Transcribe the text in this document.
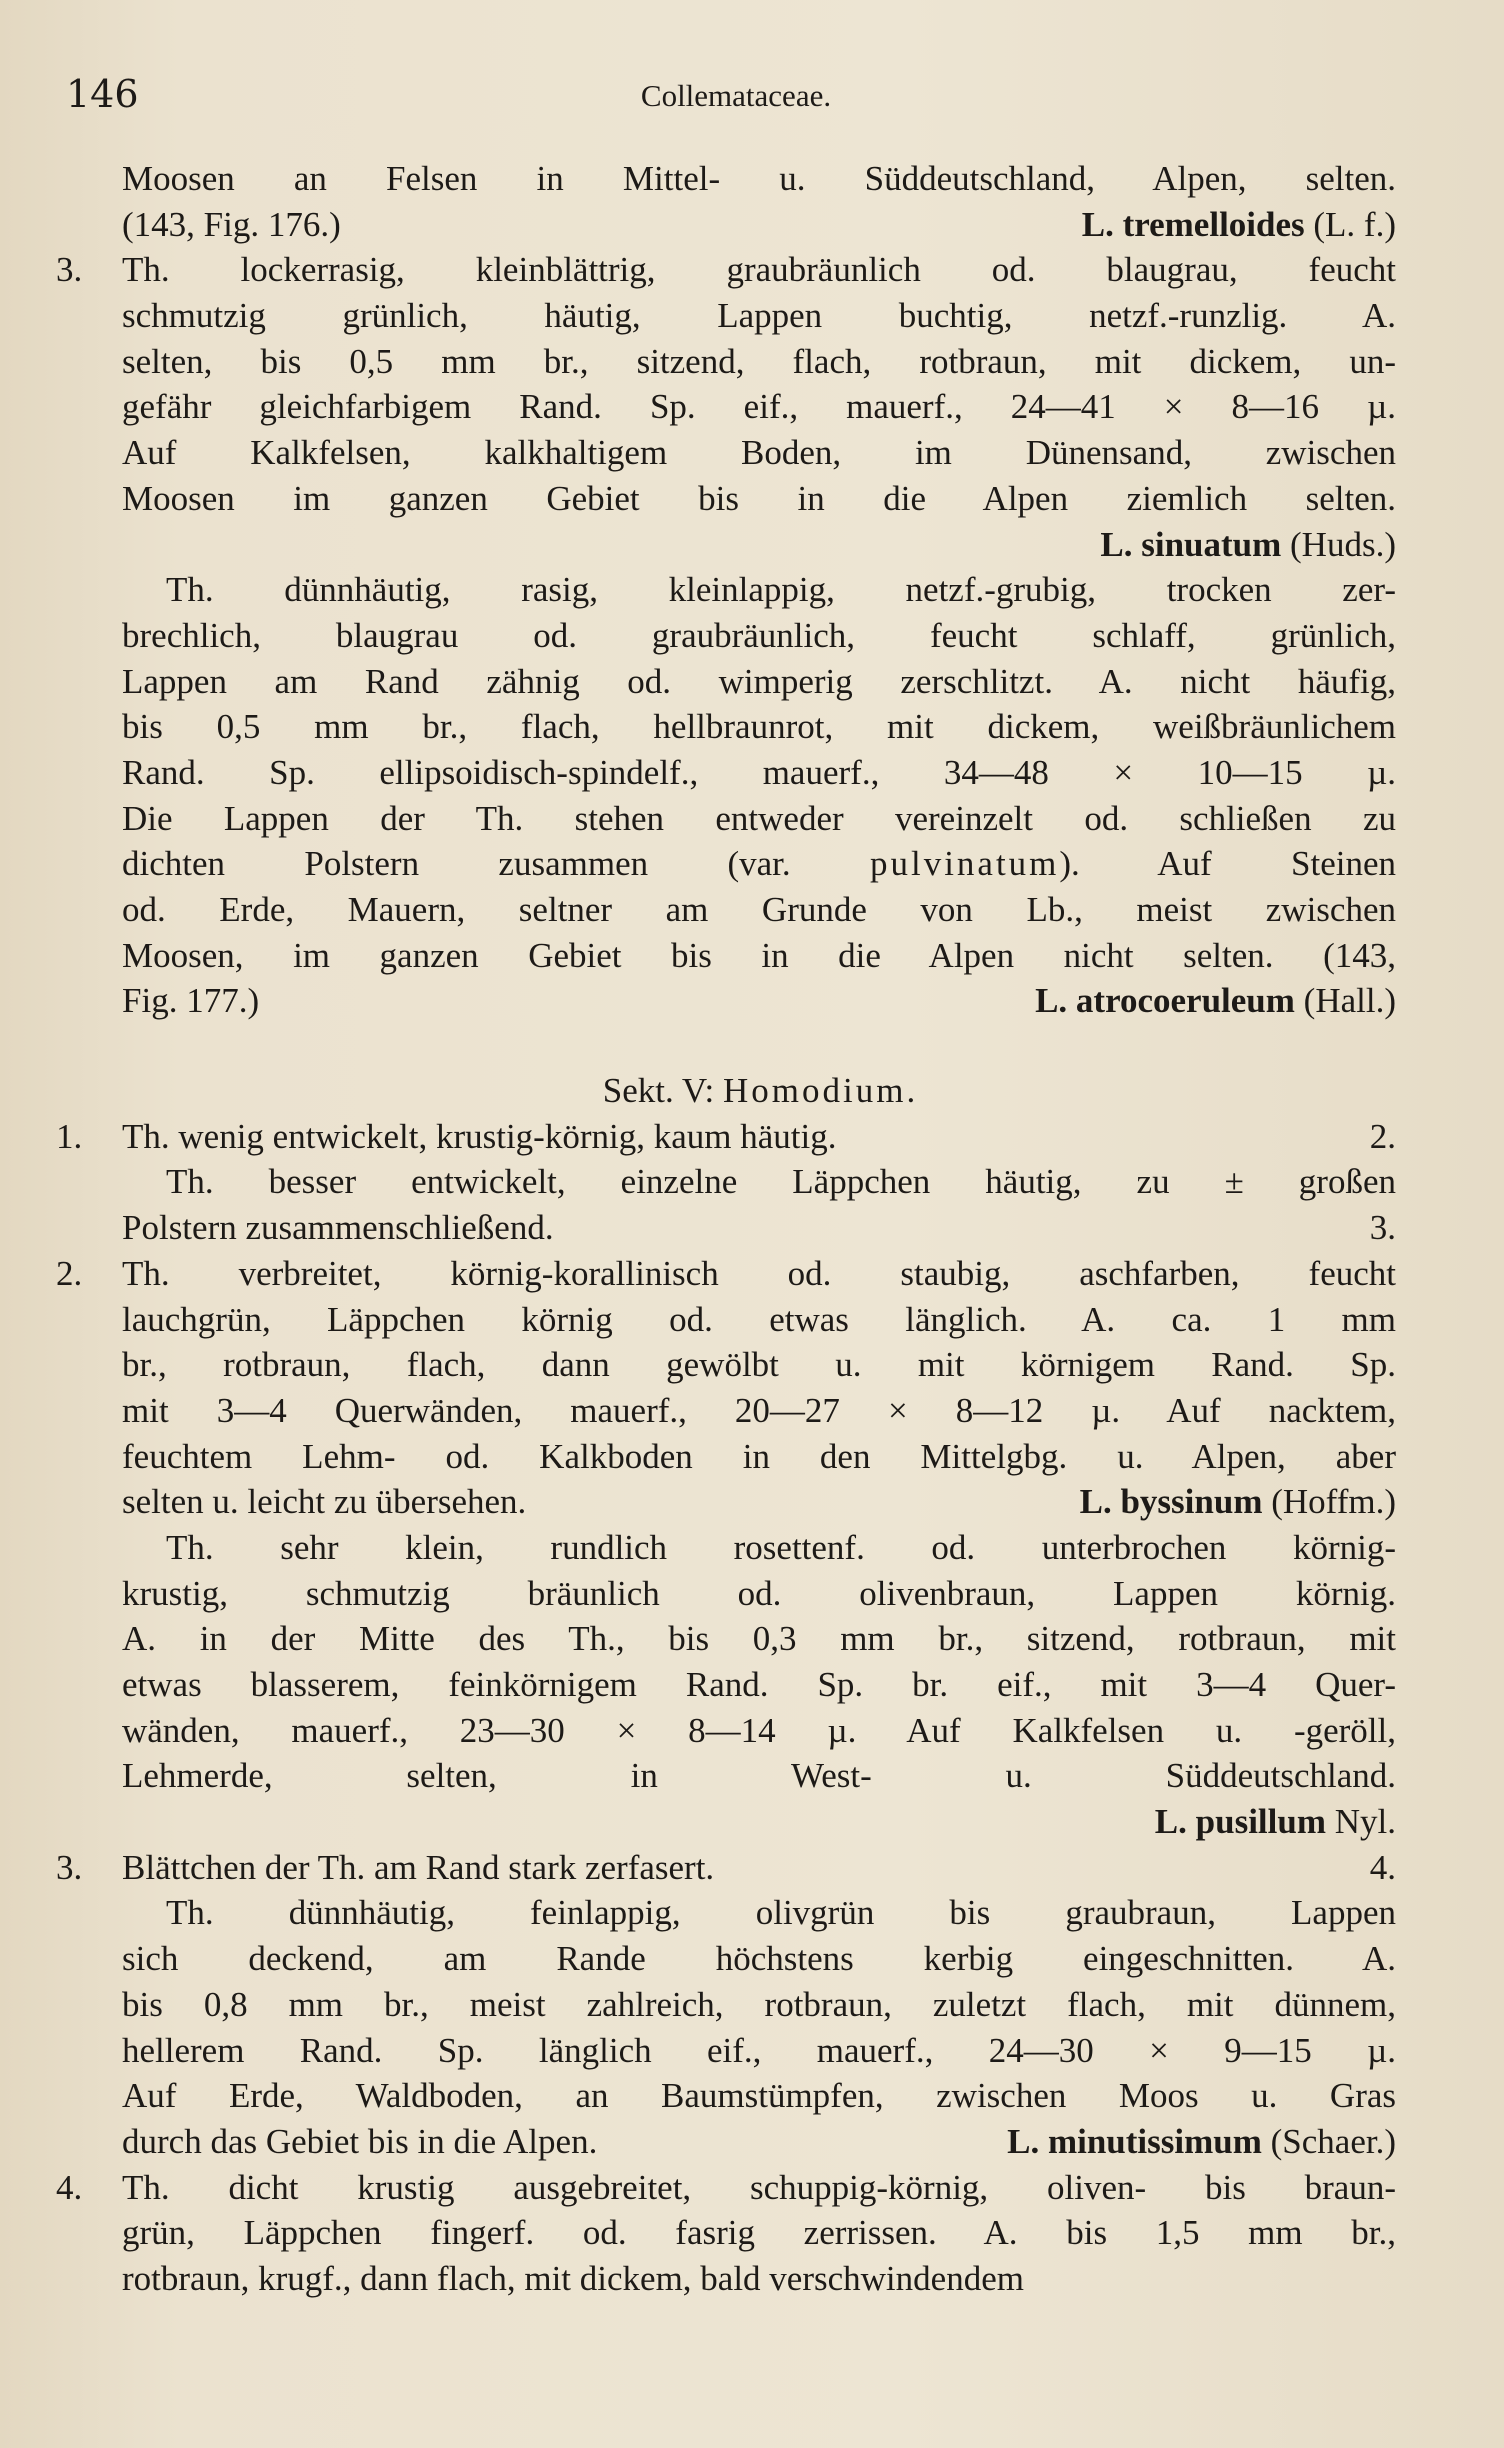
146	Collemataceae.
Moosen an Felsen in Mittel- u. Süddeutschland, Alpen, selten.
(143, Fig. 176.)	L. tremelloides (L. f.)
3. Th. lockerrasig, kleinblättrig, graubräunlich od. blaugrau, feucht
schmutzig grünlich, häutig, Lappen buchtig, netzf.-runzlig. A.
selten, bis 0,5 mm br., sitzend, flach, rotbraun, mit dickem, un-
gefähr gleichfarbigem Rand. Sp. eif., mauerf., 24—41 × 8—16 µ.
Auf Kalkfelsen, kalkhaltigem Boden, im Dünensand, zwischen
Moosen im ganzen Gebiet bis in die Alpen ziemlich selten.
L. sinuatum (Huds.)
Th. dünnhäutig, rasig, kleinlappig, netzf.-grubig, trocken zer-
brechlich, blaugrau od. graubräunlich, feucht schlaff, grünlich,
Lappen am Rand zähnig od. wimperig zerschlitzt. A. nicht häufig,
bis 0,5 mm br., flach, hellbraunrot, mit dickem, weißbräunlichem
Rand. Sp. ellipsoidisch-spindelf., mauerf., 34—48 × 10—15 µ.
Die Lappen der Th. stehen entweder vereinzelt od. schließen zu
dichten Polstern zusammen (var. pulvinatum). Auf Steinen
od. Erde, Mauern, seltner am Grunde von Lb., meist zwischen
Moosen, im ganzen Gebiet bis in die Alpen nicht selten. (143,
Fig. 177.)	L. atrocoeruleum (Hall.)
Sekt. V: Homodium.
1. Th. wenig entwickelt, krustig-körnig, kaum häutig.	2.
Th. besser entwickelt, einzelne Läppchen häutig, zu ± großen
Polstern zusammenschließend.	3.
2. Th. verbreitet, körnig-korallinisch od. staubig, aschfarben, feucht
lauchgrün, Läppchen körnig od. etwas länglich. A. ca. 1 mm
br., rotbraun, flach, dann gewölbt u. mit körnigem Rand. Sp.
mit 3—4 Querwänden, mauerf., 20—27 × 8—12 µ. Auf nacktem,
feuchtem Lehm- od. Kalkboden in den Mittelgbg. u. Alpen, aber
selten u. leicht zu übersehen.	L. byssinum (Hoffm.)
Th. sehr klein, rundlich rosettenf. od. unterbrochen körnig-
krustig, schmutzig bräunlich od. olivenbraun, Lappen körnig.
A. in der Mitte des Th., bis 0,3 mm br., sitzend, rotbraun, mit
etwas blasserem, feinkörnigem Rand. Sp. br. eif., mit 3—4 Quer-
wänden, mauerf., 23—30 × 8—14 µ. Auf Kalkfelsen u. -geröll,
Lehmerde, selten, in West- u. Süddeutschland.
L. pusillum Nyl.
3. Blättchen der Th. am Rand stark zerfasert.	4.
Th. dünnhäutig, feinlappig, olivgrün bis graubraun, Lappen
sich deckend, am Rande höchstens kerbig eingeschnitten. A.
bis 0,8 mm br., meist zahlreich, rotbraun, zuletzt flach, mit dünnem,
hellerem Rand. Sp. länglich eif., mauerf., 24—30 × 9—15 µ.
Auf Erde, Waldboden, an Baumstümpfen, zwischen Moos u. Gras
durch das Gebiet bis in die Alpen.	L. minutissimum (Schaer.)
4. Th. dicht krustig ausgebreitet, schuppig-körnig, oliven- bis braun-
grün, Läppchen fingerf. od. fasrig zerrissen. A. bis 1,5 mm br.,
rotbraun, krugf., dann flach, mit dickem, bald verschwindendem
